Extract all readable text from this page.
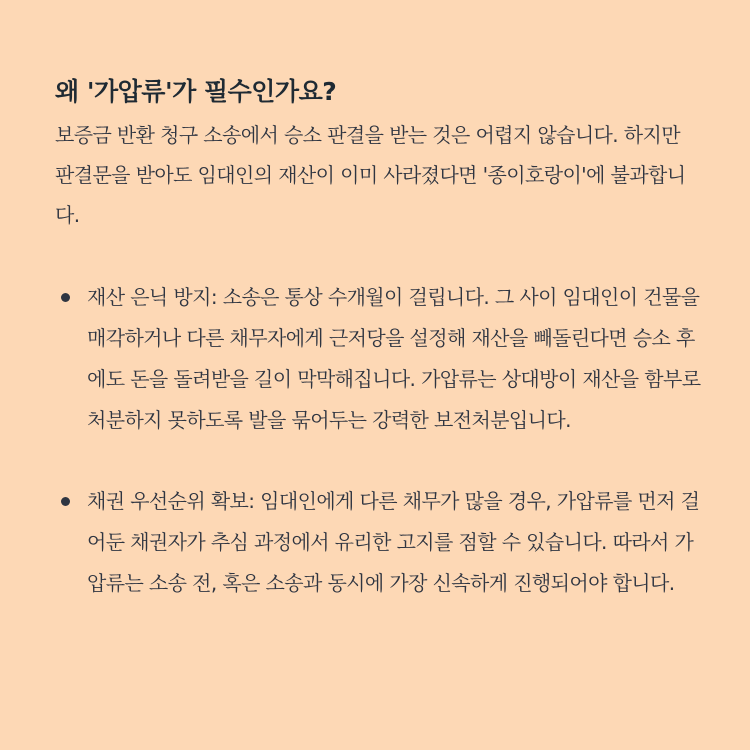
왜 '가압류'가 필수인가요?

보증금 반환 청구 소송에서 승소 판결을 받는 것은 어렵지 않습니다. 하지만 판결문을 받아도 임대인의 재산이 이미 사라졌다면 '종이호랑이'에 불과합니다.

재산 은닉 방지: 소송은 통상 수개월이 걸립니다. 그 사이 임대인이 건물을 매각하거나 다른 채무자에게 근저당을 설정해 재산을 빼돌린다면 승소 후에도 돈을 돌려받을 길이 막막해집니다. 가압류는 상대방이 재산을 함부로 처분하지 못하도록 발을 묶어두는 강력한 보전처분입니다.
채권 우선순위 확보: 임대인에게 다른 채무가 많을 경우, 가압류를 먼저 걸어둔 채권자가 추심 과정에서 유리한 고지를 점할 수 있습니다. 따라서 가압류는 소송 전, 혹은 소송과 동시에 가장 신속하게 진행되어야 합니다.
